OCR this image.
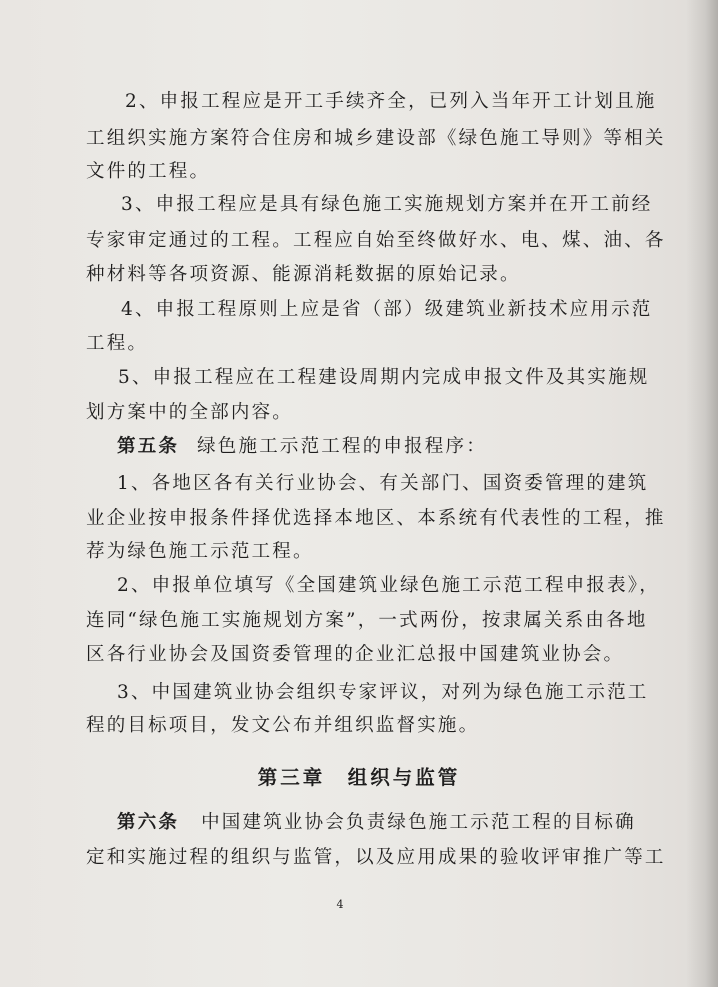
2、申报工程应是开工手续齐全，已列入当年开工计划且施
工组织实施方案符合住房和城乡建设部《绿色施工导则》等相关
文件的工程。
3、申报工程应是具有绿色施工实施规划方案并在开工前经
专家审定通过的工程。工程应自始至终做好水、电、煤、油、各
种材料等各项资源、能源消耗数据的原始记录。
4、申报工程原则上应是省（部）级建筑业新技术应用示范
工程。
5、申报工程应在工程建设周期内完成申报文件及其实施规
划方案中的全部内容。
第五条 绿色施工示范工程的申报程序：
1、各地区各有关行业协会、有关部门、国资委管理的建筑
业企业按申报条件择优选择本地区、本系统有代表性的工程，推
荐为绿色施工示范工程。
2、申报单位填写《全国建筑业绿色施工示范工程申报表》，
连同“绿色施工实施规划方案”，一式两份，按隶属关系由各地
区各行业协会及国资委管理的企业汇总报中国建筑业协会。
3、中国建筑业协会组织专家评议，对列为绿色施工示范工
程的目标项目，发文公布并组织监督实施。
第三章　组织与监管
第六条 中国建筑业协会负责绿色施工示范工程的目标确
定和实施过程的组织与监管，以及应用成果的验收评审推广等工
4
